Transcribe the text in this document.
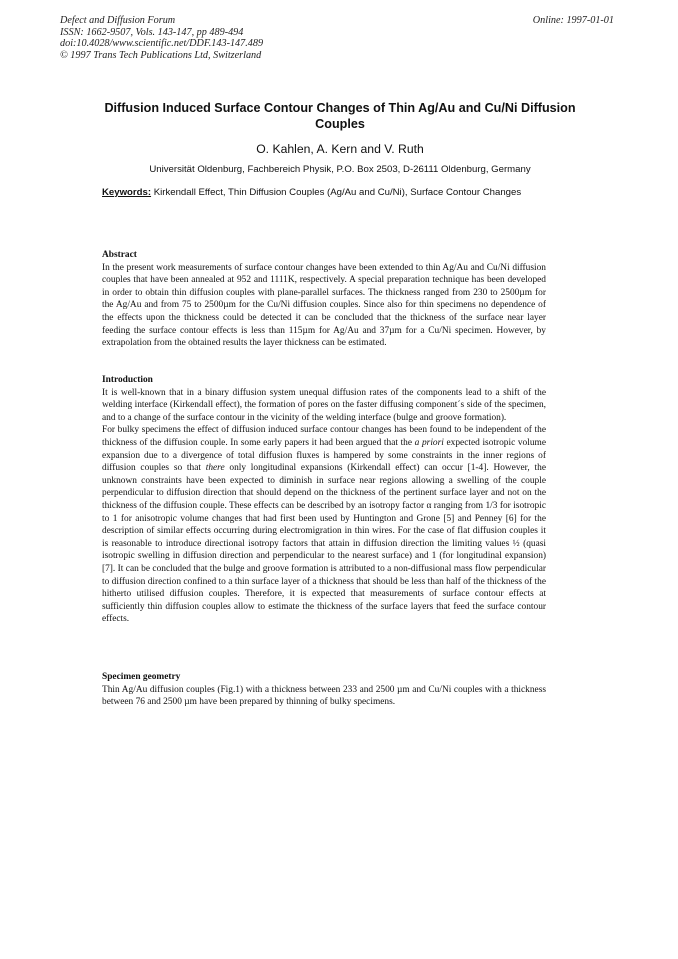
Defect and Diffusion Forum
ISSN: 1662-9507, Vols. 143-147, pp 489-494
doi:10.4028/www.scientific.net/DDF.143-147.489
© 1997 Trans Tech Publications Ltd, Switzerland
Online: 1997-01-01
Diffusion Induced Surface Contour Changes of Thin Ag/Au and Cu/Ni Diffusion Couples
O. Kahlen, A. Kern and V. Ruth
Universität Oldenburg, Fachbereich Physik, P.O. Box 2503, D-26111 Oldenburg, Germany
Keywords: Kirkendall Effect, Thin Diffusion Couples (Ag/Au and Cu/Ni), Surface Contour Changes
Abstract

In the present work measurements of surface contour changes have been extended to thin Ag/Au and Cu/Ni diffusion couples that have been annealed at 952 and 1111K, respectively. A special preparation technique has been developed in order to obtain thin diffusion couples with plane-parallel surfaces. The thickness ranged from 230 to 2500µm for the Ag/Au and from 75 to 2500µm for the Cu/Ni diffusion couples. Since also for thin specimens no dependence of the effects upon the thickness could be detected it can be concluded that the thickness of the surface near layer feeding the surface contour effects is less than 115µm for Ag/Au and 37µm for a Cu/Ni specimen. However, by extrapolation from the obtained results the layer thickness can be estimated.

Introduction

It is well-known that in a binary diffusion system unequal diffusion rates of the components lead to a shift of the welding interface (Kirkendall effect), the formation of pores on the faster diffusing component´s side of the specimen, and to a change of the surface contour in the vicinity of the welding interface (bulge and groove formation).

For bulky specimens the effect of diffusion induced surface contour changes has been found to be independent of the thickness of the diffusion couple. In some early papers it had been argued that the a priori expected isotropic volume expansion due to a divergence of total diffusion fluxes is hampered by some constraints in the inner regions of diffusion couples so that there only longitudinal expansions (Kirkendall effect) can occur [1-4]. However, the unknown constraints have been expected to diminish in surface near regions allowing a swelling of the couple perpendicular to diffusion direction that should depend on the thickness of the pertinent surface layer and not on the thickness of the diffusion couple. These effects can be described by an isotropy factor α ranging from 1/3 for isotropic to 1 for anisotropic volume changes that had first been used by Huntington and Grone [5] and Penney [6] for the description of similar effects occurring during electromigration in thin wires. For the case of flat diffusion couples it is reasonable to introduce directional isotropy factors that attain in diffusion direction the limiting values ½ (quasi isotropic swelling in diffusion direction and perpendicular to the nearest surface) and 1 (for longitudinal expansion) [7]. It can be concluded that the bulge and groove formation is attributed to a non-diffusional mass flow perpendicular to diffusion direction confined to a thin surface layer of a thickness that should be less than half of the thickness of the hitherto utilised diffusion couples. Therefore, it is expected that measurements of surface contour effects at sufficiently thin diffusion couples allow to estimate the thickness of the surface layers that feed the surface contour effects.

Specimen geometry

Thin Ag/Au diffusion couples (Fig.1) with a thickness between 233 and 2500 µm and Cu/Ni couples with a thickness between 76 and 2500 µm have been prepared by thinning of bulky specimens.
